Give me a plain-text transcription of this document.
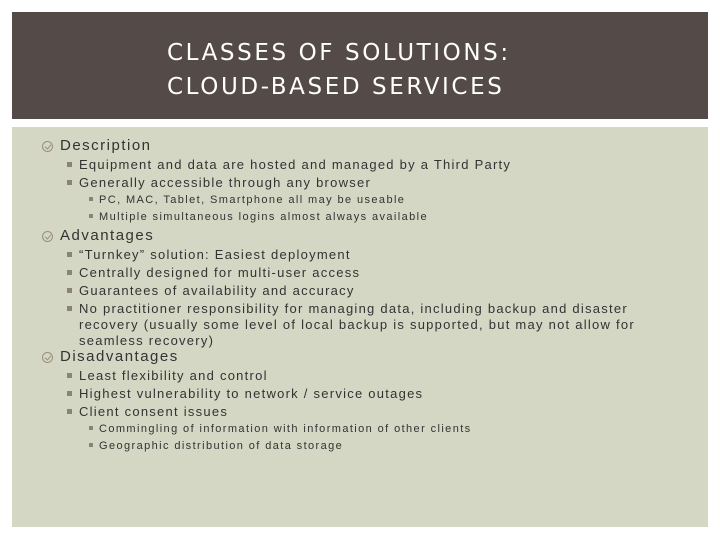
CLASSES OF SOLUTIONS:
CLOUD-BASED SERVICES
Description
Equipment and data are hosted and managed by a Third Party
Generally accessible through any browser
PC, MAC, Tablet, Smartphone all may be useable
Multiple simultaneous logins almost always available
Advantages
“Turnkey” solution: Easiest deployment
Centrally designed for multi-user access
Guarantees of availability and accuracy
No practitioner responsibility for managing data, including backup and disaster
recovery (usually some level of local backup is supported, but may not allow for
seamless recovery)
Disadvantages
Least flexibility and control
Highest vulnerability to network / service outages
Client consent issues
Commingling of information with information of other clients
Geographic distribution of data storage
